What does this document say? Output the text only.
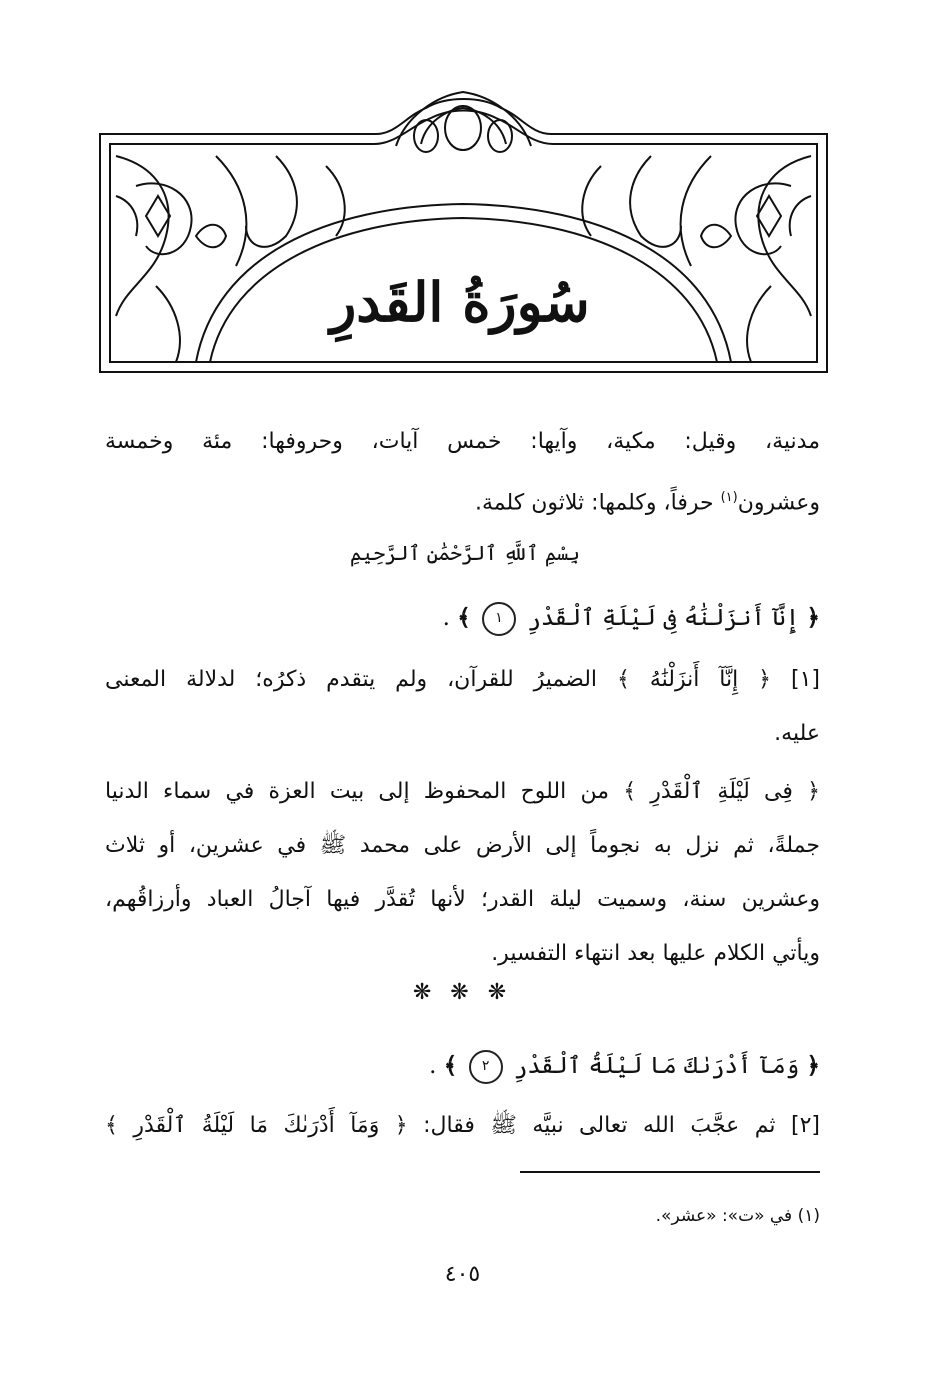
سُورَةُ القَدرِ
مدنية، وقيل: مكية، وآيها: خمس آيات، وحروفها: مئة وخمسة
وعشرون$^{(١)}$ حرفاً، وكلمها: ثلاثون كلمة.
بِسْمِ ٱللَّهِ ٱلرَّحْمَٰنِ ٱلرَّحِيمِ
﴿ إِنَّآ أَنزَلْنَٰهُ فِى لَيْلَةِ ٱلْقَدْرِ ١ ﴾ .
[١] ﴿ إِنَّآ أَنزَلْنَٰهُ ﴾ الضميرُ للقرآن، ولم يتقدم ذكرُه؛ لدلالة المعنى
عليه.
﴿ فِى لَيْلَةِ ٱلْقَدْرِ ﴾ من اللوح المحفوظ إلى بيت العزة في سماء الدنيا
جملةً، ثم نزل به نجوماً إلى الأرض على محمد ﷺ في عشرين، أو ثلاث
وعشرين سنة، وسميت ليلة القدر؛ لأنها تُقدَّر فيها آجالُ العباد وأرزاقُهم،
ويأتي الكلام عليها بعد انتهاء التفسير.
❋ ❋ ❋
﴿ وَمَآ أَدْرَىٰكَ مَا لَيْلَةُ ٱلْقَدْرِ ٢ ﴾ .
[٢] ثم عجَّبَ الله تعالى نبيَّه ﷺ فقال: ﴿ وَمَآ أَدْرَىٰكَ مَا لَيْلَةُ ٱلْقَدْرِ ﴾
(١) في «ت»: «عشر».
٤٠٥
